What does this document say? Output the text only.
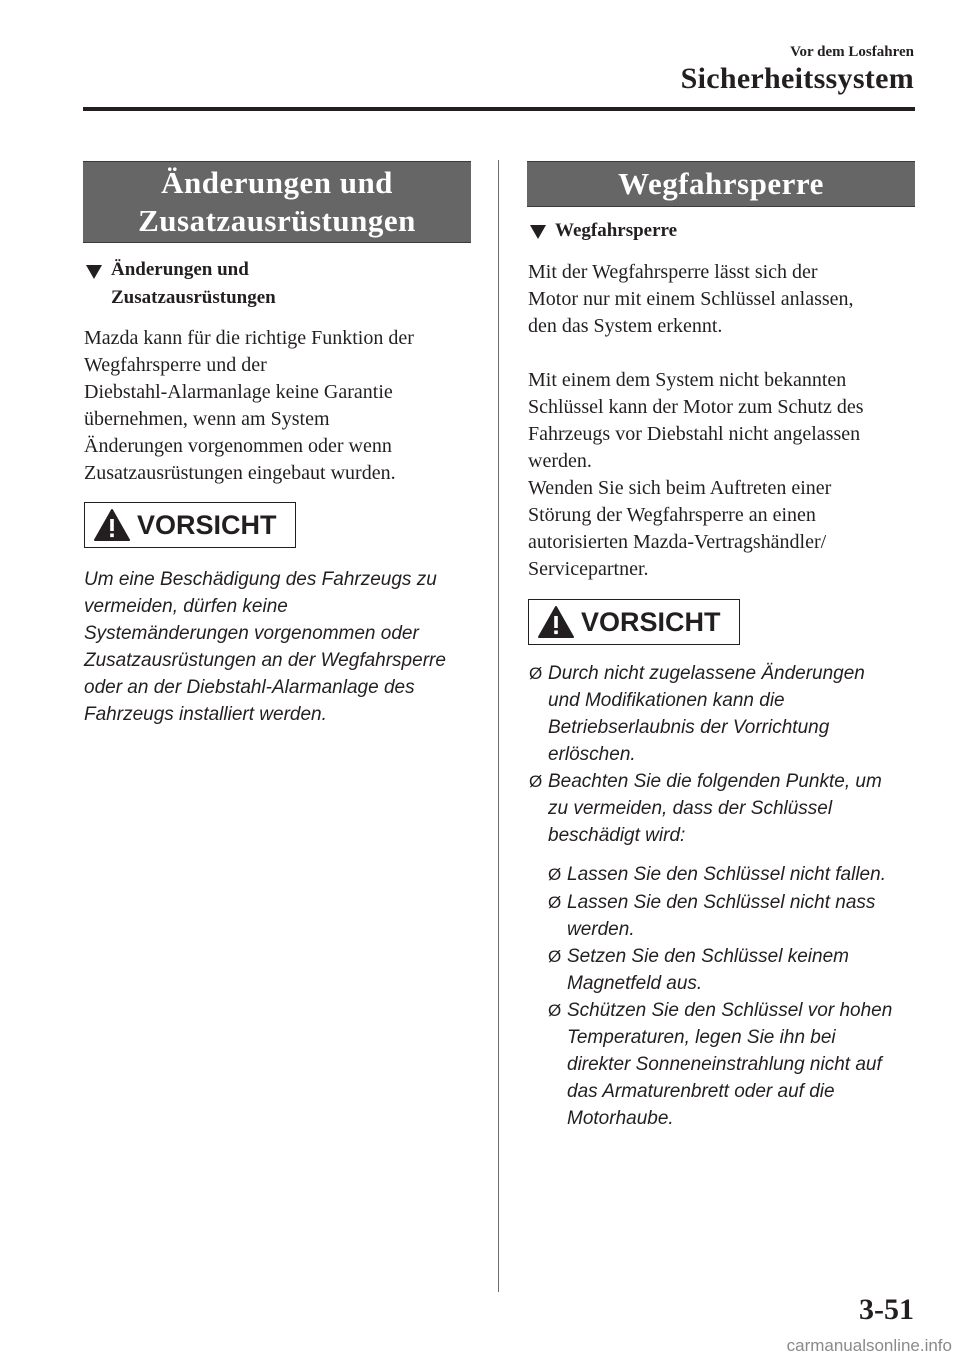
Vor dem Losfahren
Sicherheitssystem
Änderungen und
Zusatzausrüstungen
Änderungen und
Zusatzausrüstungen
Mazda kann für die richtige Funktion der
Wegfahrsperre und der
Diebstahl-Alarmanlage keine Garantie
übernehmen, wenn am System
Änderungen vorgenommen oder wenn
Zusatzausrüstungen eingebaut wurden.
VORSICHT
Um eine Beschädigung des Fahrzeugs zu
vermeiden, dürfen keine
Systemänderungen vorgenommen oder
Zusatzausrüstungen an der Wegfahrsperre
oder an der Diebstahl-Alarmanlage des
Fahrzeugs installiert werden.
Wegfahrsperre
Wegfahrsperre
Mit der Wegfahrsperre lässt sich der
Motor nur mit einem Schlüssel anlassen,
den das System erkennt.
Mit einem dem System nicht bekannten
Schlüssel kann der Motor zum Schutz des
Fahrzeugs vor Diebstahl nicht angelassen
werden.
Wenden Sie sich beim Auftreten einer
Störung der Wegfahrsperre an einen
autorisierten Mazda-Vertragshändler/
Servicepartner.
VORSICHT
Ø Durch nicht zugelassene Änderungen
und Modifikationen kann die
Betriebserlaubnis der Vorrichtung
erlöschen.
Ø Beachten Sie die folgenden Punkte, um
zu vermeiden, dass der Schlüssel
beschädigt wird:
Ø Lassen Sie den Schlüssel nicht fallen.
Ø Lassen Sie den Schlüssel nicht nass
werden.
Ø Setzen Sie den Schlüssel keinem
Magnetfeld aus.
Ø Schützen Sie den Schlüssel vor hohen
Temperaturen, legen Sie ihn bei
direkter Sonneneinstrahlung nicht auf
das Armaturenbrett oder auf die
Motorhaube.
3-51
carmanualsonline.info
